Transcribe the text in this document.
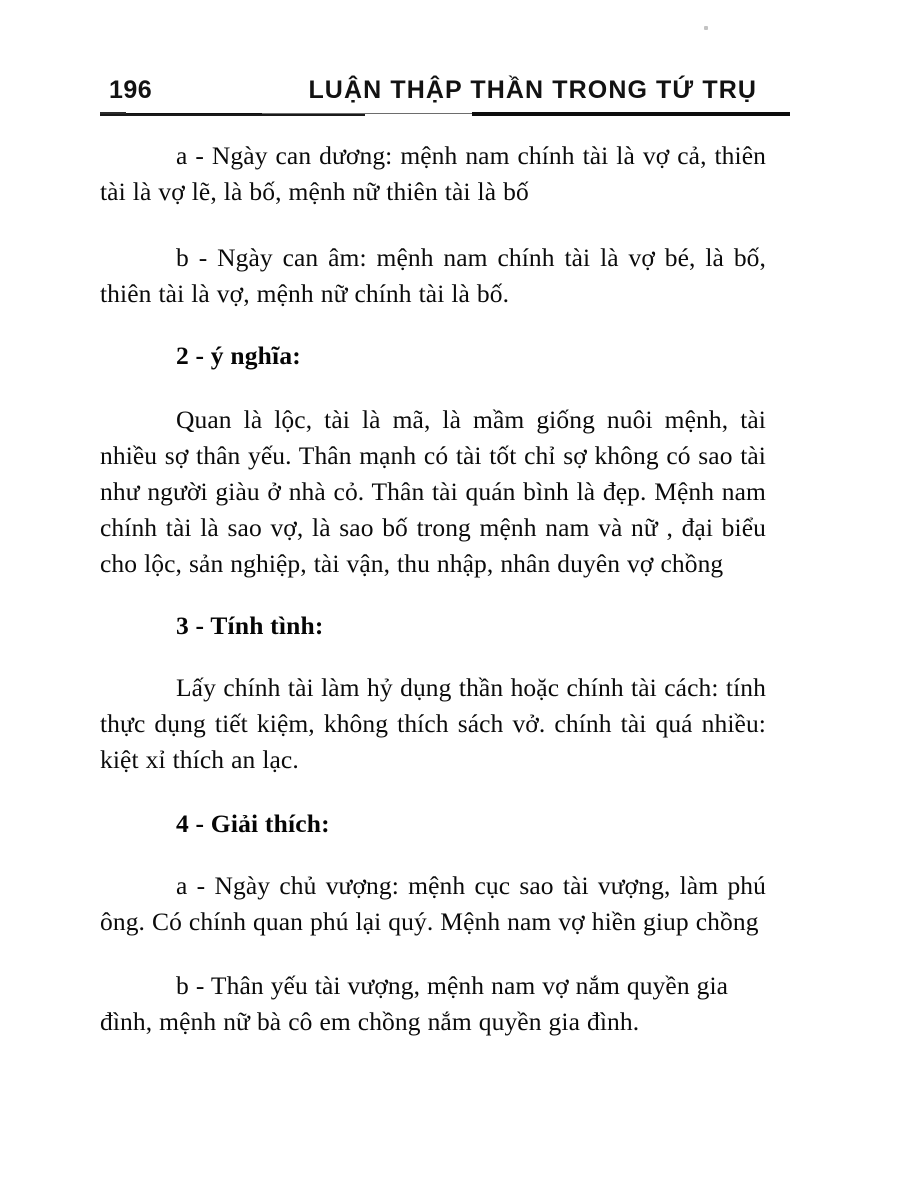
196	LUẬN THẬP THẦN TRONG TỨ TRỤ

a - Ngày can dương: mệnh nam chính tài là vợ cả, thiên tài là vợ lẽ, là bố, mệnh nữ thiên tài là bố

b - Ngày can âm: mệnh nam chính tài là vợ bé, là bố, thiên tài là vợ, mệnh nữ chính tài là bố.

2 - ý nghĩa:

Quan là lộc, tài là mã, là mầm giống nuôi mệnh, tài nhiều sợ thân yếu. Thân mạnh có tài tốt chỉ sợ không có sao tài như người giàu ở nhà cỏ. Thân tài quán bình là đẹp. Mệnh nam chính tài là sao vợ, là sao bố trong mệnh nam và nữ , đại biểu cho lộc, sản nghiệp, tài vận, thu nhập, nhân duyên vợ chồng

3 - Tính tình:

Lấy chính tài làm hỷ dụng thần hoặc chính tài cách: tính thực dụng tiết kiệm, không thích sách vở. chính tài quá nhiều: kiệt xỉ thích an lạc.

4 - Giải thích:

a - Ngày chủ vượng: mệnh cục sao tài vượng, làm phú ông. Có chính quan phú lại quý. Mệnh nam vợ hiền giup chồng

b - Thân yếu tài vượng, mệnh nam vợ nắm quyền gia đình, mệnh nữ bà cô em chồng nắm quyền gia đình.
